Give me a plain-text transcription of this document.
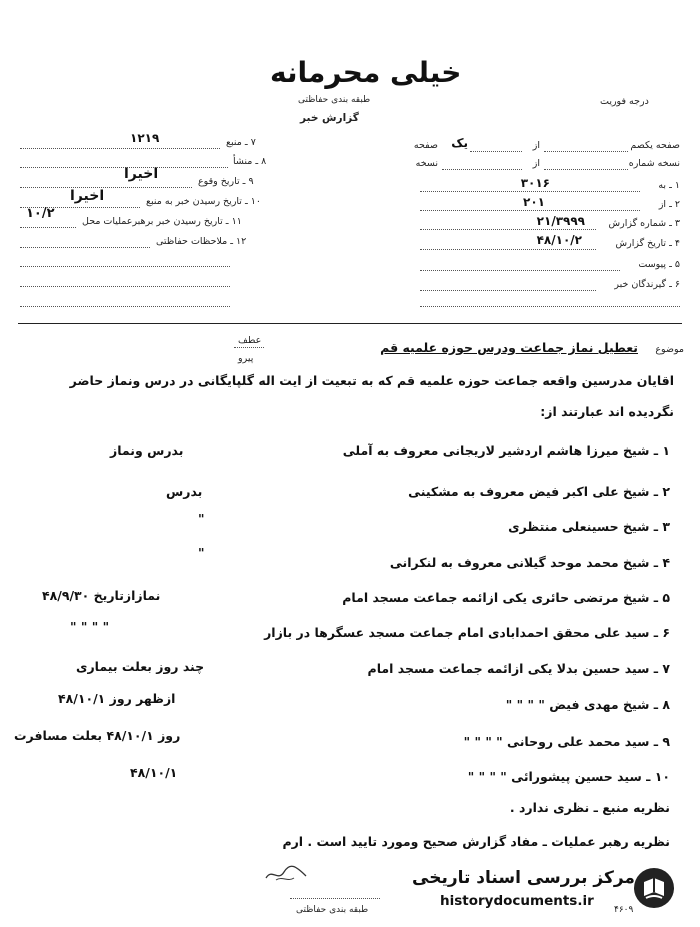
خیلی محرمانه
طبقه بندی حفاظتی
گزارش خبر
درجه فوریت
صفحه یکصم
از
یک
صفحه
نسخه شماره
از
نسخه
۱ ـ به
۳۰۱۶
۲ ـ از
۲۰۱
۳ ـ شماره گزارش
۲۱/۳۹۹۹
۴ ـ تاریخ گزارش
۴۸/۱۰/۲
۵ ـ پیوست
۶ ـ گیرندگان خبر
۷ ـ منبع
۱۲۱۹
۸ ـ منشأ
۹ ـ تاریخ وقوع
اخیرا
۱۰ ـ تاریخ رسیدن خبر به منبع
اخیرا
۱۱ ـ تاریخ رسیدن خبر برهبرعملیات محل
۱۰/۲
۱۲ ـ ملاحظات حفاظتی
عطف
پیرو
موضوع
تعطیل نماز جماعت ودرس حوزه علمیه قم
اقایان مدرسین واقعه جماعت حوزه علمیه قم که به تبعیت از ایت اله گلپایگانی در درس ونماز حاضر
نگردیده اند عبارتند از:
۱ ـ شیخ میرزا هاشم اردشیر لاریجانی معروف به آملی
بدرس ونماز
۲ ـ شیخ علی اکبر فیض معروف به مشکینی
بدرس
۳ ـ شیخ حسینعلی منتظری
"
۴ ـ شیخ محمد موحد گیلانی معروف به لنکرانی
"
۵ ـ شیخ مرتضی حائری یکی ازائمه جماعت مسجد امام
نمازازتاریخ ۴۸/۹/۳۰
۶ ـ سید علی محقق احمدابادی امام جماعت مسجد عسگرها در بازار
" " " "
۷ ـ سید حسین بدلا یکی ازائمه جماعت مسجد امام
چند روز بعلت بیماری
۸ ـ شیخ مهدی فیض " " " "
ازظهر روز ۴۸/۱۰/۱
۹ ـ سید محمد علی روحانی " " " "
روز ۴۸/۱۰/۱ بعلت مسافرت
۱۰ ـ سید حسین پیشورائی " " " "
۴۸/۱۰/۱
نظریه منبع ـ نظری ندارد .
نظریه رهبر عملیات ـ مفاد گزارش صحیح ومورد تایید است . ارم
طبقه بندی حفاظتی	۴۶۰۹
مرکز بررسی اسناد تاریخی
historydocuments.ir
